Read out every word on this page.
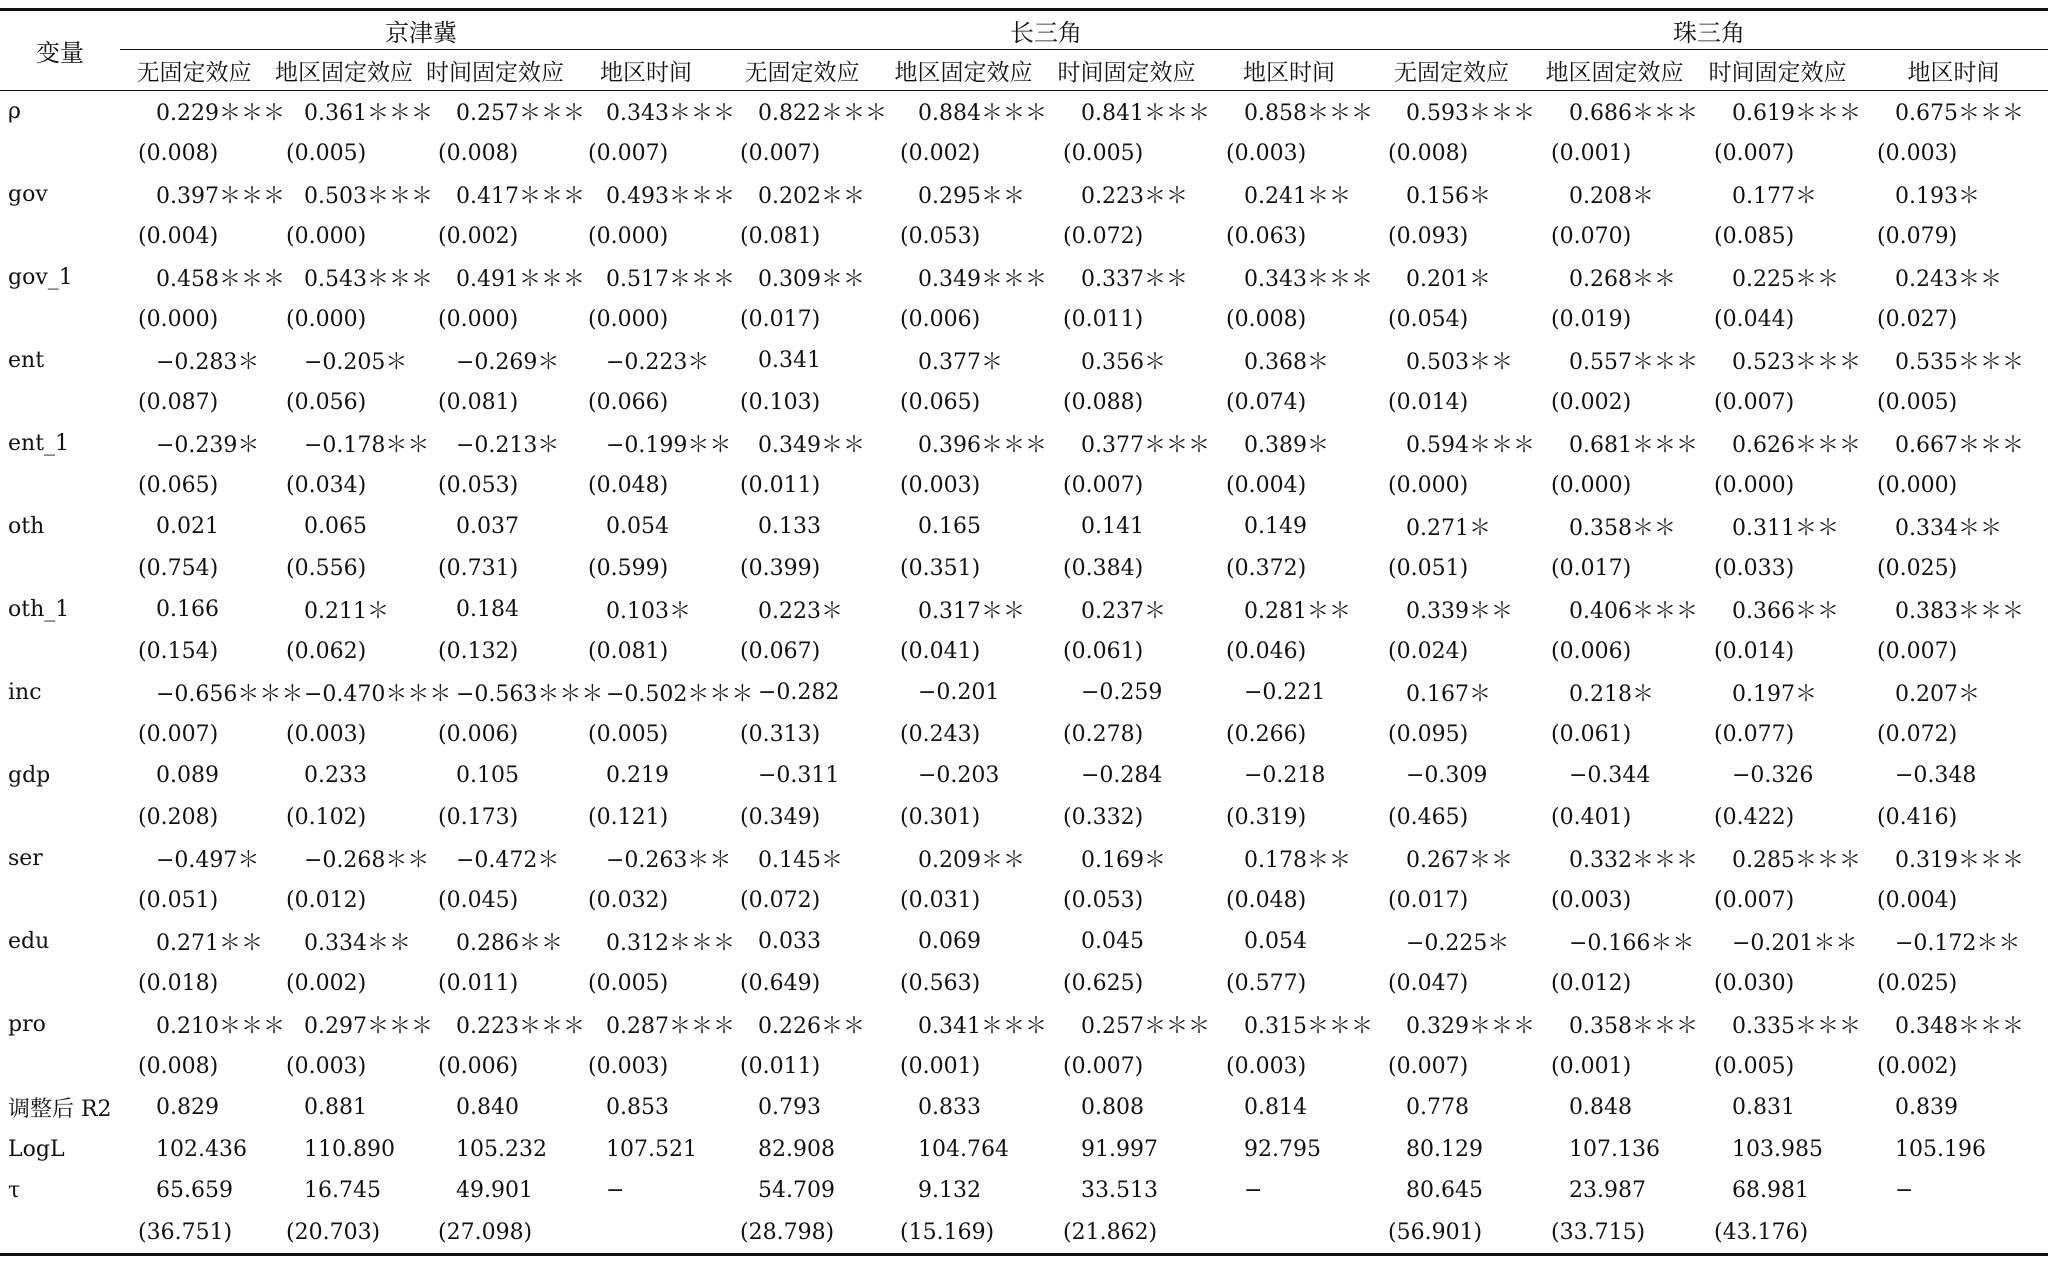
变量	京津冀				长三角				珠三角			
	无固定效应	地区固定效应	时间固定效应	地区时间	无固定效应	地区固定效应	时间固定效应	地区时间	无固定效应	地区固定效应	时间固定效应	地区时间
ρ	0.229＊＊＊	0.361＊＊＊	0.257＊＊＊	0.343＊＊＊	0.822＊＊＊	0.884＊＊＊	0.841＊＊＊	0.858＊＊＊	0.593＊＊＊	0.686＊＊＊	0.619＊＊＊	0.675＊＊＊
	(0.008)	(0.005)	(0.008)	(0.007)	(0.007)	(0.002)	(0.005)	(0.003)	(0.008)	(0.001)	(0.007)	(0.003)
gov	0.397＊＊＊	0.503＊＊＊	0.417＊＊＊	0.493＊＊＊	0.202＊＊	0.295＊＊	0.223＊＊	0.241＊＊	0.156＊	0.208＊	0.177＊	0.193＊
	(0.004)	(0.000)	(0.002)	(0.000)	(0.081)	(0.053)	(0.072)	(0.063)	(0.093)	(0.070)	(0.085)	(0.079)
gov_1	0.458＊＊＊	0.543＊＊＊	0.491＊＊＊	0.517＊＊＊	0.309＊＊	0.349＊＊＊	0.337＊＊	0.343＊＊＊	0.201＊	0.268＊＊	0.225＊＊	0.243＊＊
	(0.000)	(0.000)	(0.000)	(0.000)	(0.017)	(0.006)	(0.011)	(0.008)	(0.054)	(0.019)	(0.044)	(0.027)
ent	−0.283＊	−0.205＊	−0.269＊	−0.223＊	0.341	0.377＊	0.356＊	0.368＊	0.503＊＊	0.557＊＊＊	0.523＊＊＊	0.535＊＊＊
	(0.087)	(0.056)	(0.081)	(0.066)	(0.103)	(0.065)	(0.088)	(0.074)	(0.014)	(0.002)	(0.007)	(0.005)
ent_1	−0.239＊	−0.178＊＊	−0.213＊	−0.199＊＊	0.349＊＊	0.396＊＊＊	0.377＊＊＊	0.389＊	0.594＊＊＊	0.681＊＊＊	0.626＊＊＊	0.667＊＊＊
	(0.065)	(0.034)	(0.053)	(0.048)	(0.011)	(0.003)	(0.007)	(0.004)	(0.000)	(0.000)	(0.000)	(0.000)
oth	0.021	0.065	0.037	0.054	0.133	0.165	0.141	0.149	0.271＊	0.358＊＊	0.311＊＊	0.334＊＊
	(0.754)	(0.556)	(0.731)	(0.599)	(0.399)	(0.351)	(0.384)	(0.372)	(0.051)	(0.017)	(0.033)	(0.025)
oth_1	0.166	0.211＊	0.184	0.103＊	0.223＊	0.317＊＊	0.237＊	0.281＊＊	0.339＊＊	0.406＊＊＊	0.366＊＊	0.383＊＊＊
	(0.154)	(0.062)	(0.132)	(0.081)	(0.067)	(0.041)	(0.061)	(0.046)	(0.024)	(0.006)	(0.014)	(0.007)
inc	−0.656＊＊＊	−0.470＊＊＊	−0.563＊＊＊	−0.502＊＊＊	−0.282	−0.201	−0.259	−0.221	0.167＊	0.218＊	0.197＊	0.207＊
	(0.007)	(0.003)	(0.006)	(0.005)	(0.313)	(0.243)	(0.278)	(0.266)	(0.095)	(0.061)	(0.077)	(0.072)
gdp	0.089	0.233	0.105	0.219	−0.311	−0.203	−0.284	−0.218	−0.309	−0.344	−0.326	−0.348
	(0.208)	(0.102)	(0.173)	(0.121)	(0.349)	(0.301)	(0.332)	(0.319)	(0.465)	(0.401)	(0.422)	(0.416)
ser	−0.497＊	−0.268＊＊	−0.472＊	−0.263＊＊	0.145＊	0.209＊＊	0.169＊	0.178＊＊	0.267＊＊	0.332＊＊＊	0.285＊＊＊	0.319＊＊＊
	(0.051)	(0.012)	(0.045)	(0.032)	(0.072)	(0.031)	(0.053)	(0.048)	(0.017)	(0.003)	(0.007)	(0.004)
edu	0.271＊＊	0.334＊＊	0.286＊＊	0.312＊＊＊	0.033	0.069	0.045	0.054	−0.225＊	−0.166＊＊	−0.201＊＊	−0.172＊＊
	(0.018)	(0.002)	(0.011)	(0.005)	(0.649)	(0.563)	(0.625)	(0.577)	(0.047)	(0.012)	(0.030)	(0.025)
pro	0.210＊＊＊	0.297＊＊＊	0.223＊＊＊	0.287＊＊＊	0.226＊＊	0.341＊＊＊	0.257＊＊＊	0.315＊＊＊	0.329＊＊＊	0.358＊＊＊	0.335＊＊＊	0.348＊＊＊
	(0.008)	(0.003)	(0.006)	(0.003)	(0.011)	(0.001)	(0.007)	(0.003)	(0.007)	(0.001)	(0.005)	(0.002)
调整后 R2	0.829	0.881	0.840	0.853	0.793	0.833	0.808	0.814	0.778	0.848	0.831	0.839
LogL	102.436	110.890	105.232	107.521	82.908	104.764	91.997	92.795	80.129	107.136	103.985	105.196
τ	65.659	16.745	49.901	−	54.709	9.132	33.513	−	80.645	23.987	68.981	−
	(36.751)	(20.703)	(27.098)		(28.798)	(15.169)	(21.862)		(56.901)	(33.715)	(43.176)	
